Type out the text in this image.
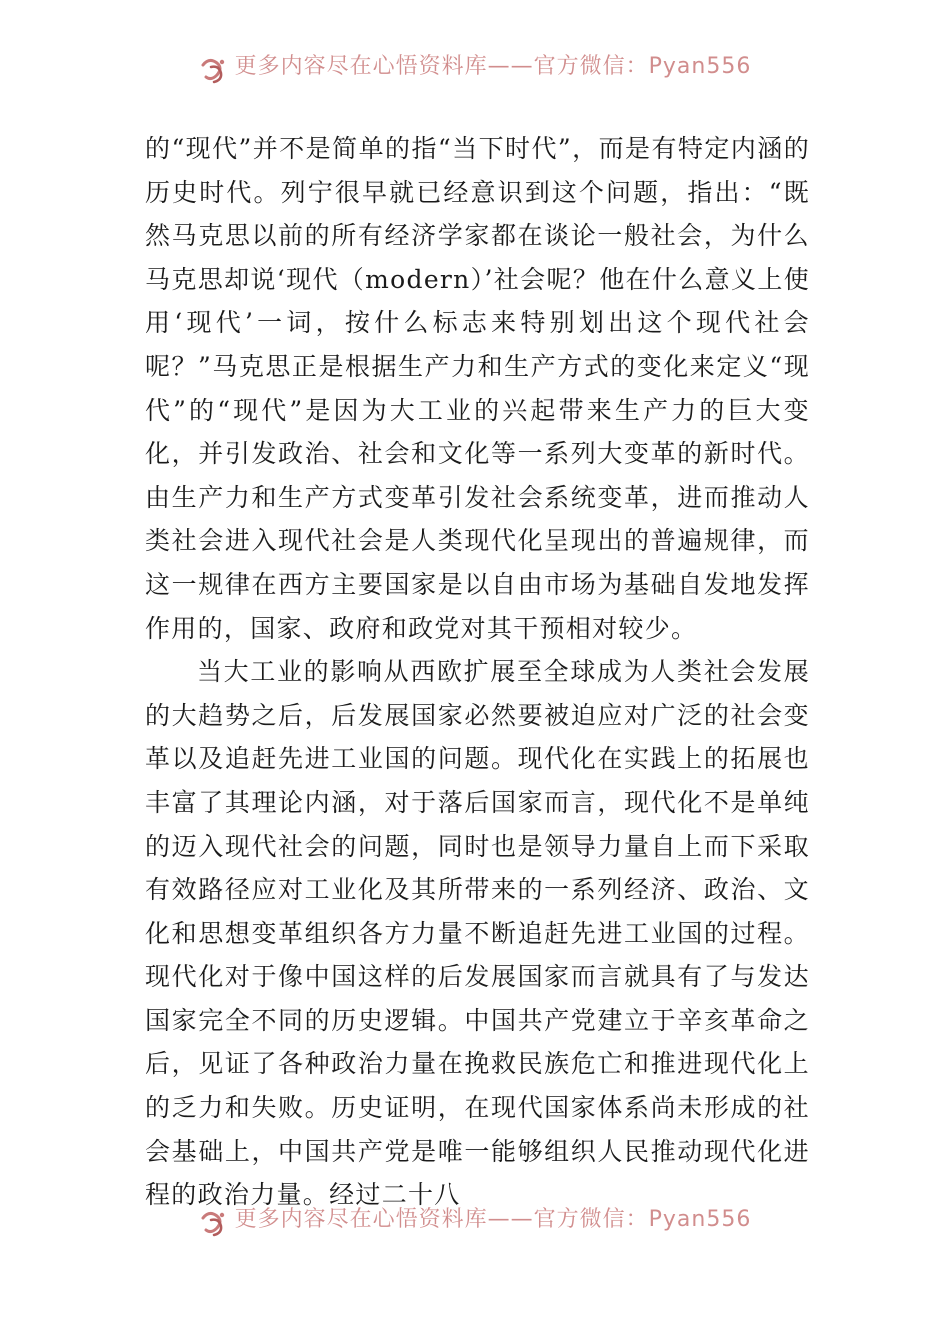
更多内容尽在心悟资料库——官方微信：Pyan556

的“现代”并不是简单的指“当下时代”，而是有特定内涵的历史时代。列宁很早就已经意识到这个问题，指出：“既然马克思以前的所有经济学家都在谈论一般社会，为什么马克思却说‘现代（modern）’社会呢？他在什么意义上使用‘现代’一词，按什么标志来特别划出这个现代社会呢？”马克思正是根据生产力和生产方式的变化来定义“现代”的“现代”是因为大工业的兴起带来生产力的巨大变化，并引发政治、社会和文化等一系列大变革的新时代。由生产力和生产方式变革引发社会系统变革，进而推动人类社会进入现代社会是人类现代化呈现出的普遍规律，而这一规律在西方主要国家是以自由市场为基础自发地发挥作用的，国家、政府和政党对其干预相对较少。

当大工业的影响从西欧扩展至全球成为人类社会发展的大趋势之后，后发展国家必然要被迫应对广泛的社会变革以及追赶先进工业国的问题。现代化在实践上的拓展也丰富了其理论内涵，对于落后国家而言，现代化不是单纯的迈入现代社会的问题，同时也是领导力量自上而下采取有效路径应对工业化及其所带来的一系列经济、政治、文化和思想变革组织各方力量不断追赶先进工业国的过程。现代化对于像中国这样的后发展国家而言就具有了与发达国家完全不同的历史逻辑。中国共产党建立于辛亥革命之后，见证了各种政治力量在挽救民族危亡和推进现代化上的乏力和失败。历史证明，在现代国家体系尚未形成的社会基础上，中国共产党是唯一能够组织人民推动现代化进程的政治力量。经过二十八

更多内容尽在心悟资料库——官方微信：Pyan556
